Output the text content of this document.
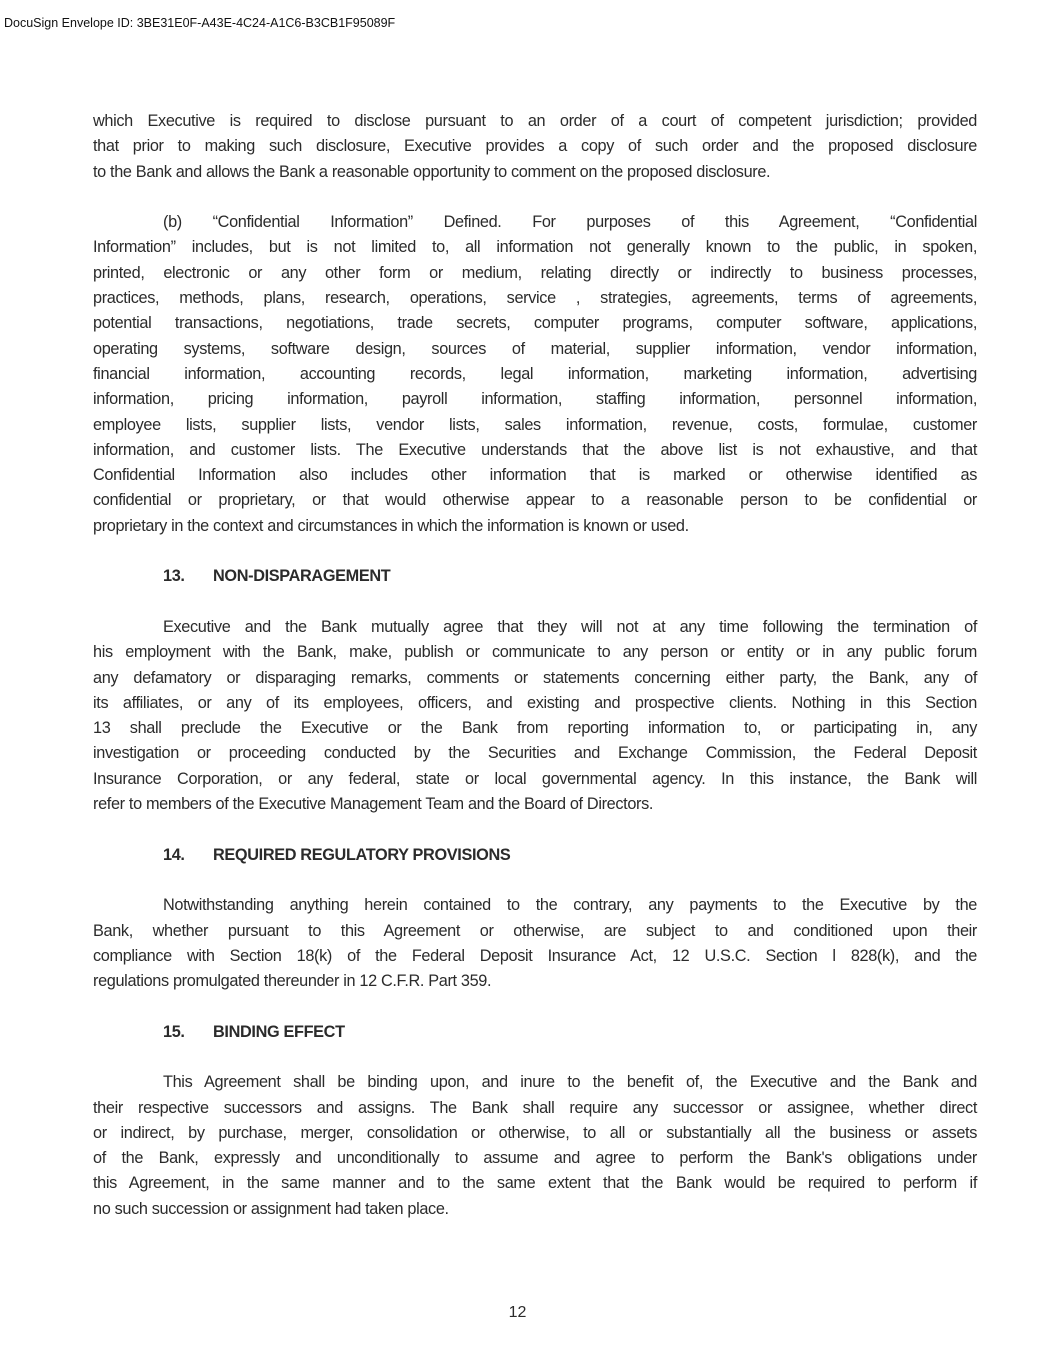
DocuSign Envelope ID: 3BE31E0F-A43E-4C24-A1C6-B3CB1F95089F
which Executive is required to disclose pursuant to an order of a court of competent jurisdiction; provided
that prior to making such disclosure, Executive provides a copy of such order and the proposed disclosure
to the Bank and allows the Bank a reasonable opportunity to comment on the proposed disclosure.
(b) “Confidential Information” Defined. For purposes of this Agreement, “Confidential
Information” includes, but is not limited to, all information not generally known to the public, in spoken,
printed, electronic or any other form or medium, relating directly or indirectly to business processes,
practices, methods, plans, research, operations, service , strategies, agreements, terms of agreements,
potential transactions, negotiations, trade secrets, computer programs, computer software, applications,
operating systems, software design, sources of material, supplier information, vendor information,
financial information, accounting records, legal information, marketing information, advertising
information, pricing information, payroll information, staffing information, personnel information,
employee lists, supplier lists, vendor lists, sales information, revenue, costs, formulae, customer
information, and customer lists. The Executive understands that the above list is not exhaustive, and that
Confidential Information also includes other information that is marked or otherwise identified as
confidential or proprietary, or that would otherwise appear to a reasonable person to be confidential or
proprietary in the context and circumstances in which the information is known or used.
13. NON-DISPARAGEMENT
Executive and the Bank mutually agree that they will not at any time following the termination of
his employment with the Bank, make, publish or communicate to any person or entity or in any public forum
any defamatory or disparaging remarks, comments or statements concerning either party, the Bank, any of
its affiliates, or any of its employees, officers, and existing and prospective clients. Nothing in this Section
13 shall preclude the Executive or the Bank from reporting information to, or participating in, any
investigation or proceeding conducted by the Securities and Exchange Commission, the Federal Deposit
Insurance Corporation, or any federal, state or local governmental agency. In this instance, the Bank will
refer to members of the Executive Management Team and the Board of Directors.
14. REQUIRED REGULATORY PROVISIONS
Notwithstanding anything herein contained to the contrary, any payments to the Executive by the
Bank, whether pursuant to this Agreement or otherwise, are subject to and conditioned upon their
compliance with Section 18(k) of the Federal Deposit Insurance Act, 12 U.S.C. Section l 828(k), and the
regulations promulgated thereunder in 12 C.F.R. Part 359.
15. BINDING EFFECT
This Agreement shall be binding upon, and inure to the benefit of, the Executive and the Bank and
their respective successors and assigns. The Bank shall require any successor or assignee, whether direct
or indirect, by purchase, merger, consolidation or otherwise, to all or substantially all the business or assets
of the Bank, expressly and unconditionally to assume and agree to perform the Bank's obligations under
this Agreement, in the same manner and to the same extent that the Bank would be required to perform if
no such succession or assignment had taken place.
12
